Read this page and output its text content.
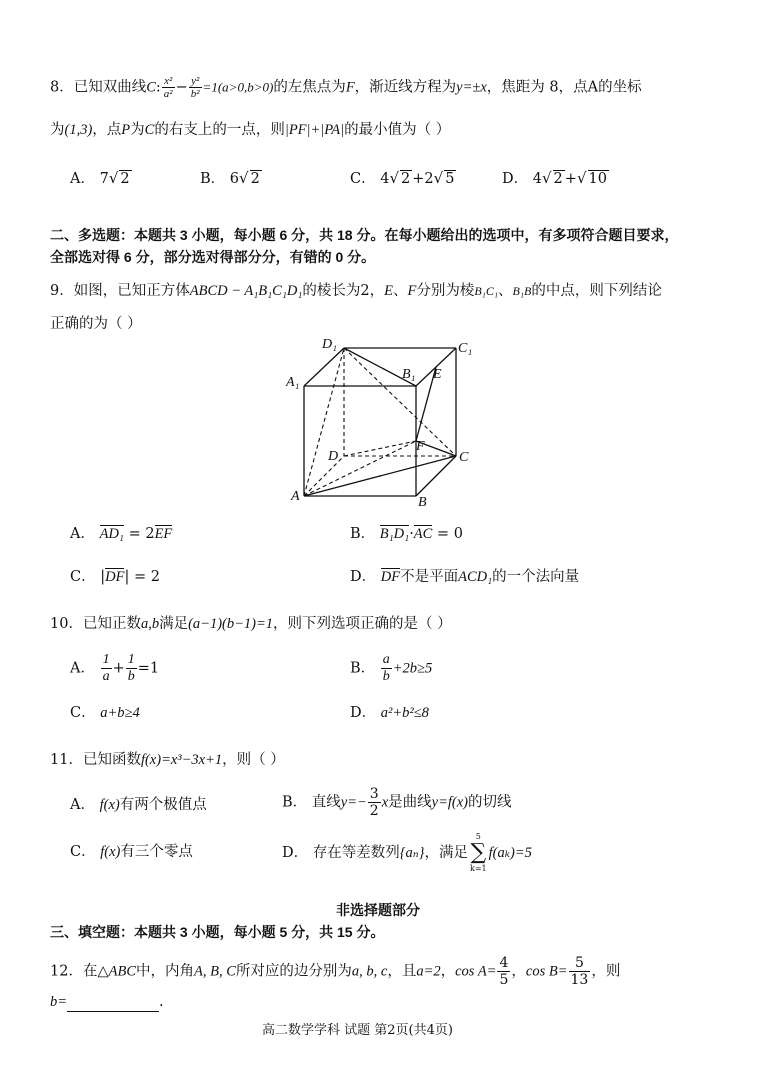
8．已知双曲线C: $\frac{\text{x²}}{\text{a²}} - \frac{\text{y²}}{\text{b²}} =1(a>0,b>0)$的左焦点为F，渐近线方程为y=±x，焦距为 8，点A的坐标
为(1,3)，点P为C的右支上的一点，则|PF|+|PA|的最小值为（ ）
A． 7√ 2	B． 6√ 2	C． 4√ 2 +2√ 5	D． 4√ 2 +√ 10
二、多选题：本题共 3 小题，每小题 6 分，共 18 分。在每小题给出的选项中，有多项符合题目要求，
全部选对得 6 分，部分选对得部分分，有错的 0 分。
9．如图，已知正方体ABCD − A₁B₁C₁D₁的棱长为2，E、F分别为棱B₁C₁、B₁B的中点，则下列结论
正确的为（ ）
D₁	C₁
A₁
B₁ E
F
D	C
A	B
A． AD₁ = 2EF	B． B₁D₁·AC = 0
C． |DF| = 2	D． DF不是平面ACD₁的一个法向量
10．已知正数a,b满足(a−1)(b−1)=1，则下列选项正确的是（ ）
A． $\frac{1}{a} + \frac{1}{b} =1$	B． $\frac{a}{b} +2b\ge 5$
C． a+b≥4	D． a²+b²≤8
11．已知函数f(x)=x³−3x+1，则（ ）
A． f(x)有两个极值点	B． 直线$y=- \frac{3}{2}$ x是曲线y=f(x)的切线
C． f(x)有三个零点	D． 存在等差数列{aₙ}，满足
5
∑
k=1
f(aₖ)=5
非选择题部分
三、填空题：本题共 3 小题，每小题 5 分，共 15 分。
12．在△ABC中，内角A, B, C所对应的边分别为a, b, c，且a=2，$\cos A= \frac{4}{5}$ ，$\cos B= \frac{5}{13}$ ，则
b=	.
高二数学学科 试题 第2页(共4页)
